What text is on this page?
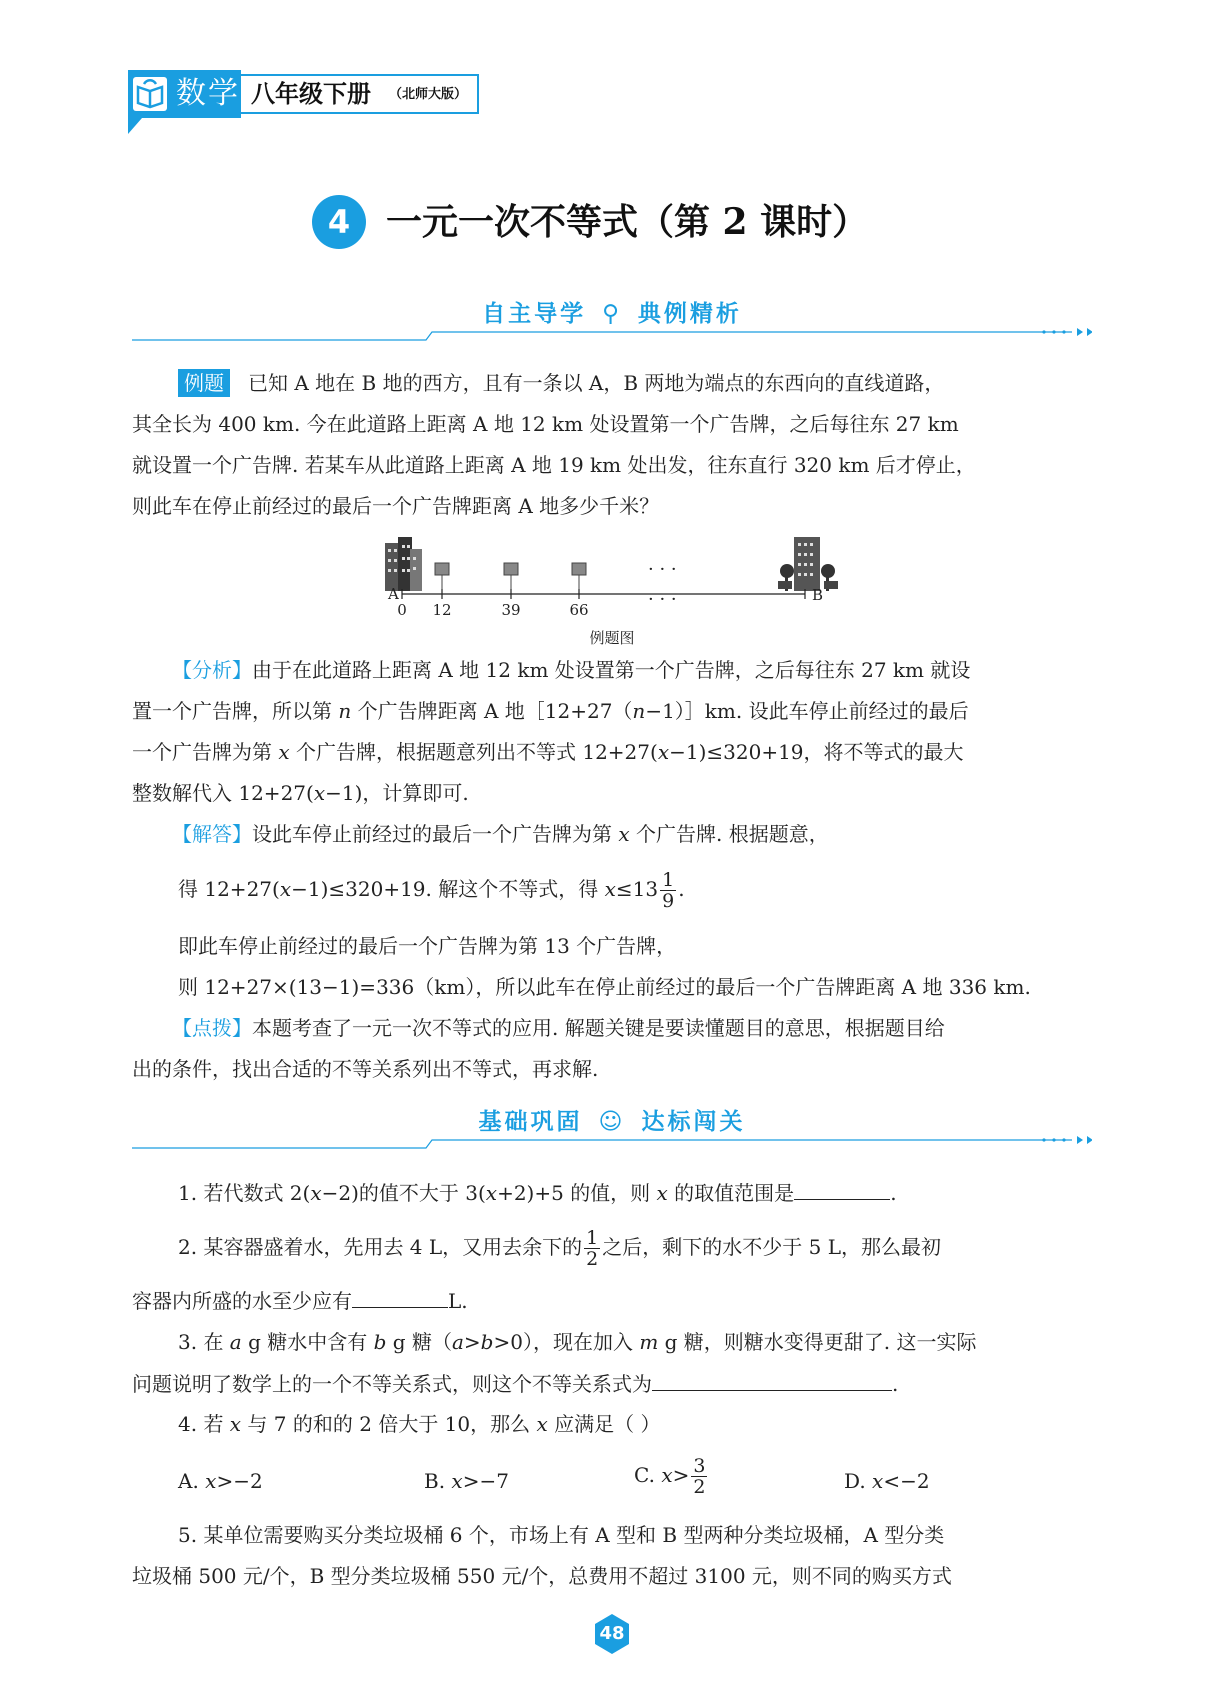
数学 八年级下册 （北师大版）
4 一元一次不等式（第 2 课时）
自主导学 ⚲ 典例精析
例题 已知 A 地在 B 地的西方，且有一条以 A，B 两地为端点的东西向的直线道路，
其全长为 400 km. 今在此道路上距离 A 地 12 km 处设置第一个广告牌，之后每往东 27 km
就设置一个广告牌. 若某车从此道路上距离 A 地 19 km 处出发，往东直行 320 km 后才停止，
则此车在停止前经过的最后一个广告牌距离 A 地多少千米？
· · ·
A	B
0 12	39	66	· · ·
例题图
【分析】由于在此道路上距离 A 地 12 km 处设置第一个广告牌，之后每往东 27 km 就设
置一个广告牌，所以第 n 个广告牌距离 A 地［12+27（n−1）］km. 设此车停止前经过的最后
一个广告牌为第 x 个广告牌，根据题意列出不等式 12+27(x−1)≤320+19，将不等式的最大
整数解代入 12+27(x−1)，计算即可.
【解答】设此车停止前经过的最后一个广告牌为第 x 个广告牌. 根据题意，
得 12+27(x−1)≤320+19. 解这个不等式，得 $x\le 13 \frac{1}{9}$ .
即此车停止前经过的最后一个广告牌为第 13 个广告牌，
则 12+27×(13−1)=336（km），所以此车在停止前经过的最后一个广告牌距离 A 地 336 km.
【点拨】本题考查了一元一次不等式的应用. 解题关键是要读懂题目的意思，根据题目给
出的条件，找出合适的不等关系列出不等式，再求解.
基础巩固 ☺ 达标闯关
1. 若代数式 2(x−2)的值不大于 3(x+2)+5 的值，则 x 的取值范围是	.
2. 某容器盛着水，先用去 4 L，又用去余下的 $\frac{1}{2}$ 之后，剩下的水不少于 5 L，那么最初
容器内所盛的水至少应有	L.
3. 在 a g 糖水中含有 b g 糖（a>b>0），现在加入 m g 糖，则糖水变得更甜了. 这一实际
问题说明了数学上的一个不等关系式，则这个不等关系式为	.
4. 若 x 与 7 的和的 2 倍大于 10，那么 x 应满足（ ）
A. x>−2	B. x>−7	C. $x> \frac{3}{2}$	D. x<−2
5. 某单位需要购买分类垃圾桶 6 个，市场上有 A 型和 B 型两种分类垃圾桶，A 型分类
垃圾桶 500 元/个，B 型分类垃圾桶 550 元/个，总费用不超过 3100 元，则不同的购买方式
48
